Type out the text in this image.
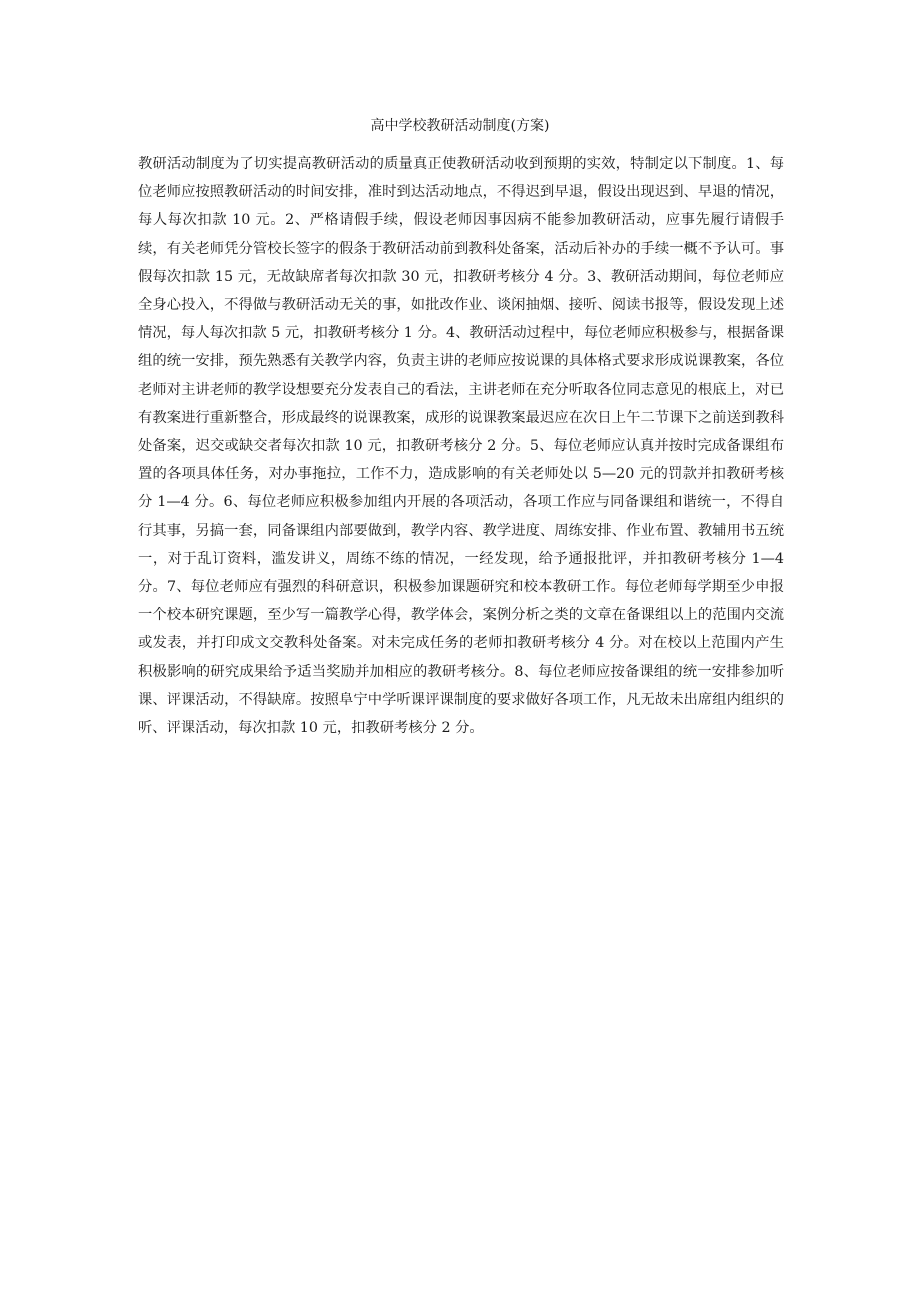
高中学校教研活动制度(方案)

教研活动制度为了切实提高教研活动的质量真正使教研活动收到预期的实效，特制定以下制度。1、每位老师应按照教研活动的时间安排，准时到达活动地点，不得迟到早退，假设出现迟到、早退的情况，每人每次扣款 10 元。2、严格请假手续，假设老师因事因病不能参加教研活动，应事先履行请假手续，有关老师凭分管校长签字的假条于教研活动前到教科处备案，活动后补办的手续一概不予认可。事假每次扣款 15 元，无故缺席者每次扣款 30 元，扣教研考核分 4 分。3、教研活动期间，每位老师应全身心投入，不得做与教研活动无关的事，如批改作业、谈闲抽烟、接听、阅读书报等，假设发现上述情况，每人每次扣款 5 元，扣教研考核分 1 分。4、教研活动过程中，每位老师应积极参与，根据备课组的统一安排，预先熟悉有关教学内容，负责主讲的老师应按说课的具体格式要求形成说课教案，各位老师对主讲老师的教学设想要充分发表自己的看法，主讲老师在充分听取各位同志意见的根底上，对已有教案进行重新整合，形成最终的说课教案，成形的说课教案最迟应在次日上午二节课下之前送到教科处备案，迟交或缺交者每次扣款 10 元，扣教研考核分 2 分。5、每位老师应认真并按时完成备课组布置的各项具体任务，对办事拖拉，工作不力，造成影响的有关老师处以 5—20 元的罚款并扣教研考核分 1—4 分。6、每位老师应积极参加组内开展的各项活动，各项工作应与同备课组和谐统一，不得自行其事，另搞一套，同备课组内部要做到，教学内容、教学进度、周练安排、作业布置、教辅用书五统一，对于乱订资料，滥发讲义，周练不练的情况，一经发现，给予通报批评，并扣教研考核分 1—4 分。7、每位老师应有强烈的科研意识，积极参加课题研究和校本教研工作。每位老师每学期至少申报一个校本研究课题，至少写一篇教学心得，教学体会，案例分析之类的文章在备课组以上的范围内交流或发表，并打印成文交教科处备案。对未完成任务的老师扣教研考核分 4 分。对在校以上范围内产生积极影响的研究成果给予适当奖励并加相应的教研考核分。8、每位老师应按备课组的统一安排参加听课、评课活动，不得缺席。按照阜宁中学听课评课制度的要求做好各项工作，凡无故未出席组内组织的听、评课活动，每次扣款 10 元，扣教研考核分 2 分。
